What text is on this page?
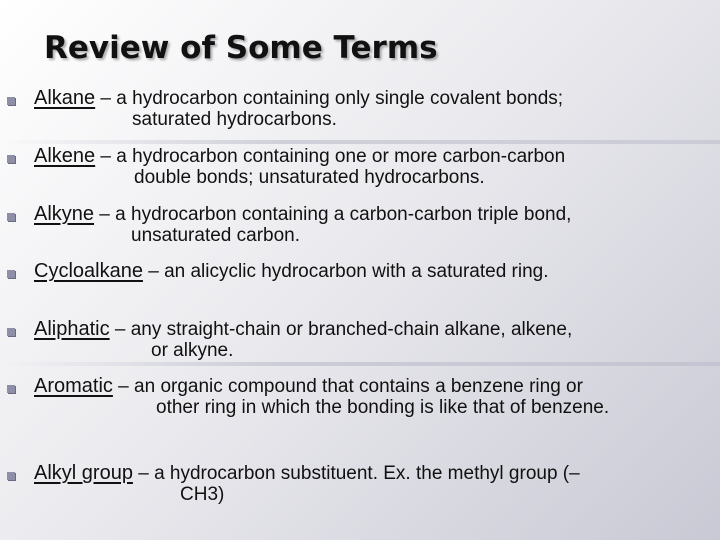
Review of Some Terms
Alkane – a hydrocarbon containing only single covalent bonds;
saturated hydrocarbons.
Alkene – a hydrocarbon containing one or more carbon-carbon
double bonds; unsaturated hydrocarbons.
Alkyne – a hydrocarbon containing a carbon-carbon triple bond,
unsaturated carbon.
Cycloalkane – an alicyclic hydrocarbon with a saturated ring.
Aliphatic – any straight-chain or branched-chain alkane, alkene,
or alkyne.
Aromatic – an organic compound that contains a benzene ring or
other ring in which the bonding is like that of benzene.
Alkyl group – a hydrocarbon substituent. Ex. the methyl group (–
CH3)
